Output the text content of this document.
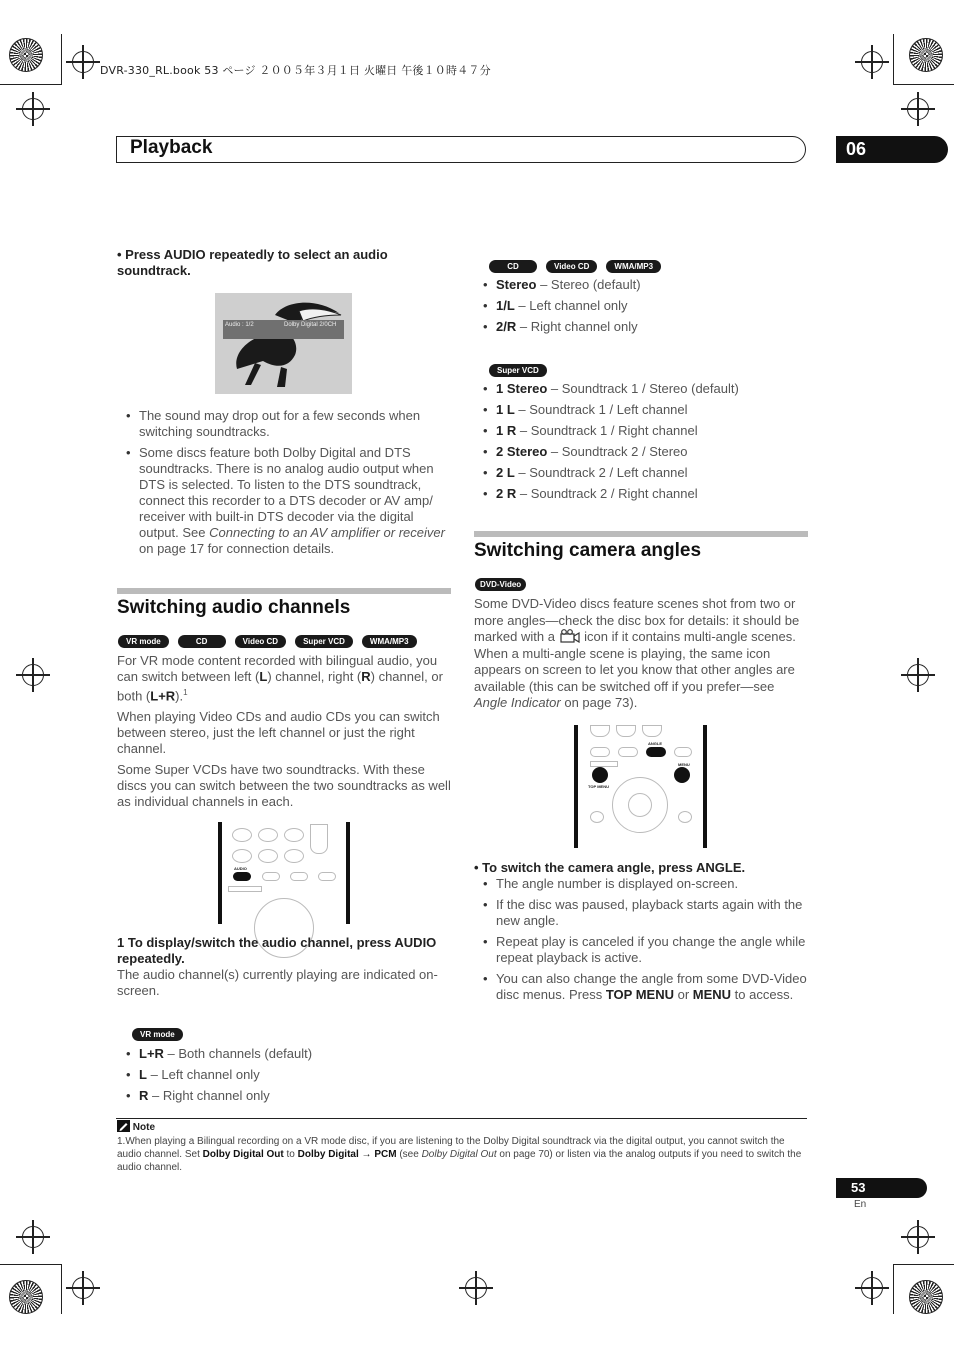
DVR-330_RL.book 53 ページ ２００５年３月１日 火曜日 午後１０時４７分
Playback	06
• Press AUDIO repeatedly to select an audio soundtrack.
Audio : 1/2	Dolby Digital 2/0CH
• The sound may drop out for a few seconds when switching soundtracks.
• Some discs feature both Dolby Digital and DTS soundtracks. There is no analog audio output when DTS is selected. To listen to the DTS soundtrack, connect this recorder to a DTS decoder or AV amp/ receiver with built-in DTS decoder via the digital output. See Connecting to an AV amplifier or receiver on page 17 for connection details.
Switching audio channels
VR mode	CD	Video CD	Super VCD	WMA/MP3
For VR mode content recorded with bilingual audio, you can switch between left (L) channel, right (R) channel, or both (L+R).$^1$
When playing Video CDs and audio CDs you can switch between stereo, just the left channel or just the right channel.
Some Super VCDs have two soundtracks. With these discs you can switch between the two soundtracks as well as individual channels in each.
AUDIO
1 To display/switch the audio channel, press AUDIO repeatedly.
The audio channel(s) currently playing are indicated on-screen.
VR mode
• L+R – Both channels (default)
• L – Left channel only
• R – Right channel only
CD	Video CD	WMA/MP3
• Stereo – Stereo (default)
• 1/L – Left channel only
• 2/R – Right channel only
Super VCD
• 1 Stereo – Soundtrack 1 / Stereo (default)
• 1 L – Soundtrack 1 / Left channel
• 1 R – Soundtrack 1 / Right channel
• 2 Stereo – Soundtrack 2 / Stereo
• 2 L – Soundtrack 2 / Left channel
• 2 R – Soundtrack 2 / Right channel
Switching camera angles
DVD-Video
Some DVD-Video discs feature scenes shot from two or more angles—check the disc box for details: it should be marked with a  icon if it contains multi-angle scenes. When a multi-angle scene is playing, the same icon appears on screen to let you know that other angles are available (this can be switched off if you prefer—see Angle Indicator on page 73).
ANGLE
MENU
TOP MENU
• To switch the camera angle, press ANGLE.
• The angle number is displayed on-screen.
• If the disc was paused, playback starts again with the new angle.
• Repeat play is canceled if you change the angle while repeat playback is active.
• You can also change the angle from some DVD-Video disc menus. Press TOP MENU or MENU to access.
Note
1.When playing a Bilingual recording on a VR mode disc, if you are listening to the Dolby Digital soundtrack via the digital output, you cannot switch the audio channel. Set Dolby Digital Out to Dolby Digital → PCM (see Dolby Digital Out on page 70) or listen via the analog outputs if you need to switch the audio channel.
53
En
